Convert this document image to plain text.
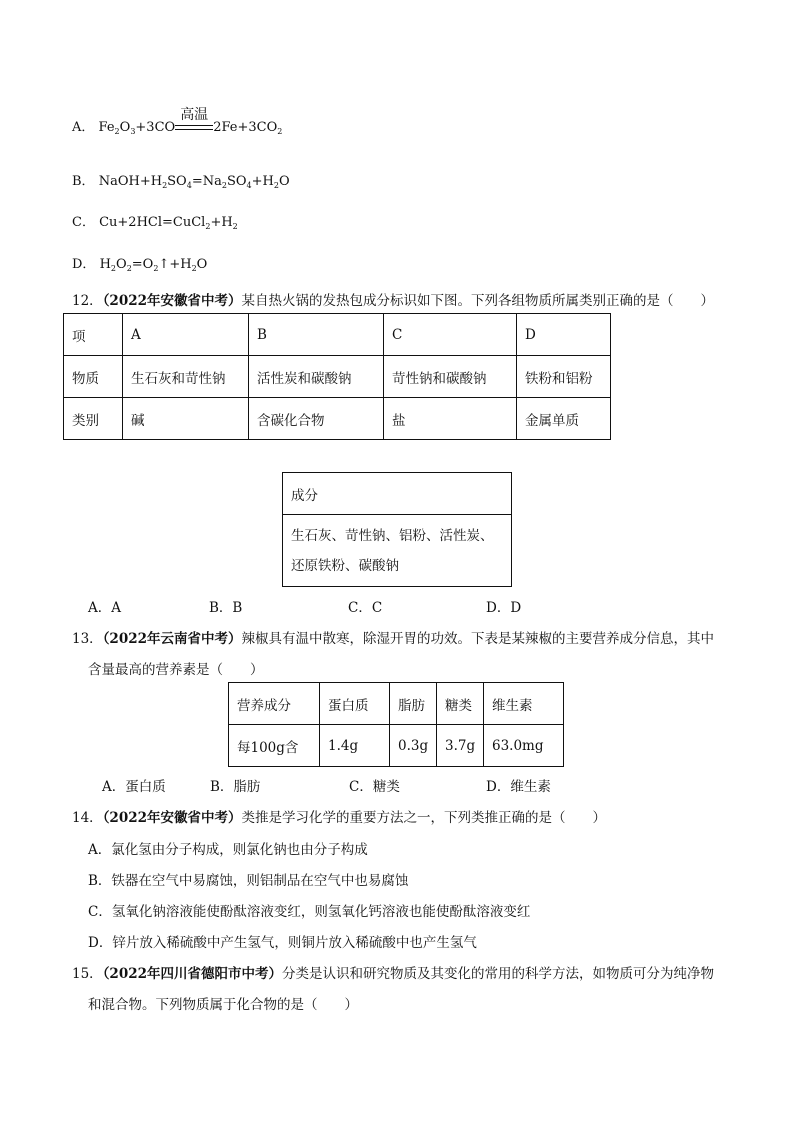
A． $Fe_2O_3+3CO$
高温
$2Fe+3CO_2$
B． $NaOH+H_2SO_4=Na_2SO_4+H_2O$
C． $Cu+2HCl=CuCl_2+H_2$
D． $H_2O_2=O_2↑+H_2O$
12．（2022年安徽省中考）某自热火锅的发热包成分标识如下图。下列各组物质所属类别正确的是（　　）
项	A	B	C	D
物质	生石灰和苛性钠	活性炭和碳酸钠	苛性钠和碳酸钠	铁粉和铝粉
类别	碱	含碳化合物	盐	金属单质
成分

生石灰、苛性钠、铝粉、活性炭、
还原铁粉、碳酸钠
A．A	B．B	C．C	D．D
13．（2022年云南省中考）辣椒具有温中散寒，除湿开胃的功效。下表是某辣椒的主要营养成分信息，其中
含量最高的营养素是（　　）
营养成分	蛋白质	脂肪	糖类	维生素
每100g含	1.4g	0.3g	3.7g	63.0mg
A．蛋白质	B．脂肪	C．糖类	D．维生素
14．（2022年安徽省中考）类推是学习化学的重要方法之一，下列类推正确的是（　　）
A．氯化氢由分子构成，则氯化钠也由分子构成
B．铁器在空气中易腐蚀，则铝制品在空气中也易腐蚀
C．氢氧化钠溶液能使酚酞溶液变红，则氢氧化钙溶液也能使酚酞溶液变红
D．锌片放入稀硫酸中产生氢气，则铜片放入稀硫酸中也产生氢气
15．（2022年四川省德阳市中考）分类是认识和研究物质及其变化的常用的科学方法，如物质可分为纯净物
和混合物。下列物质属于化合物的是（　　）
